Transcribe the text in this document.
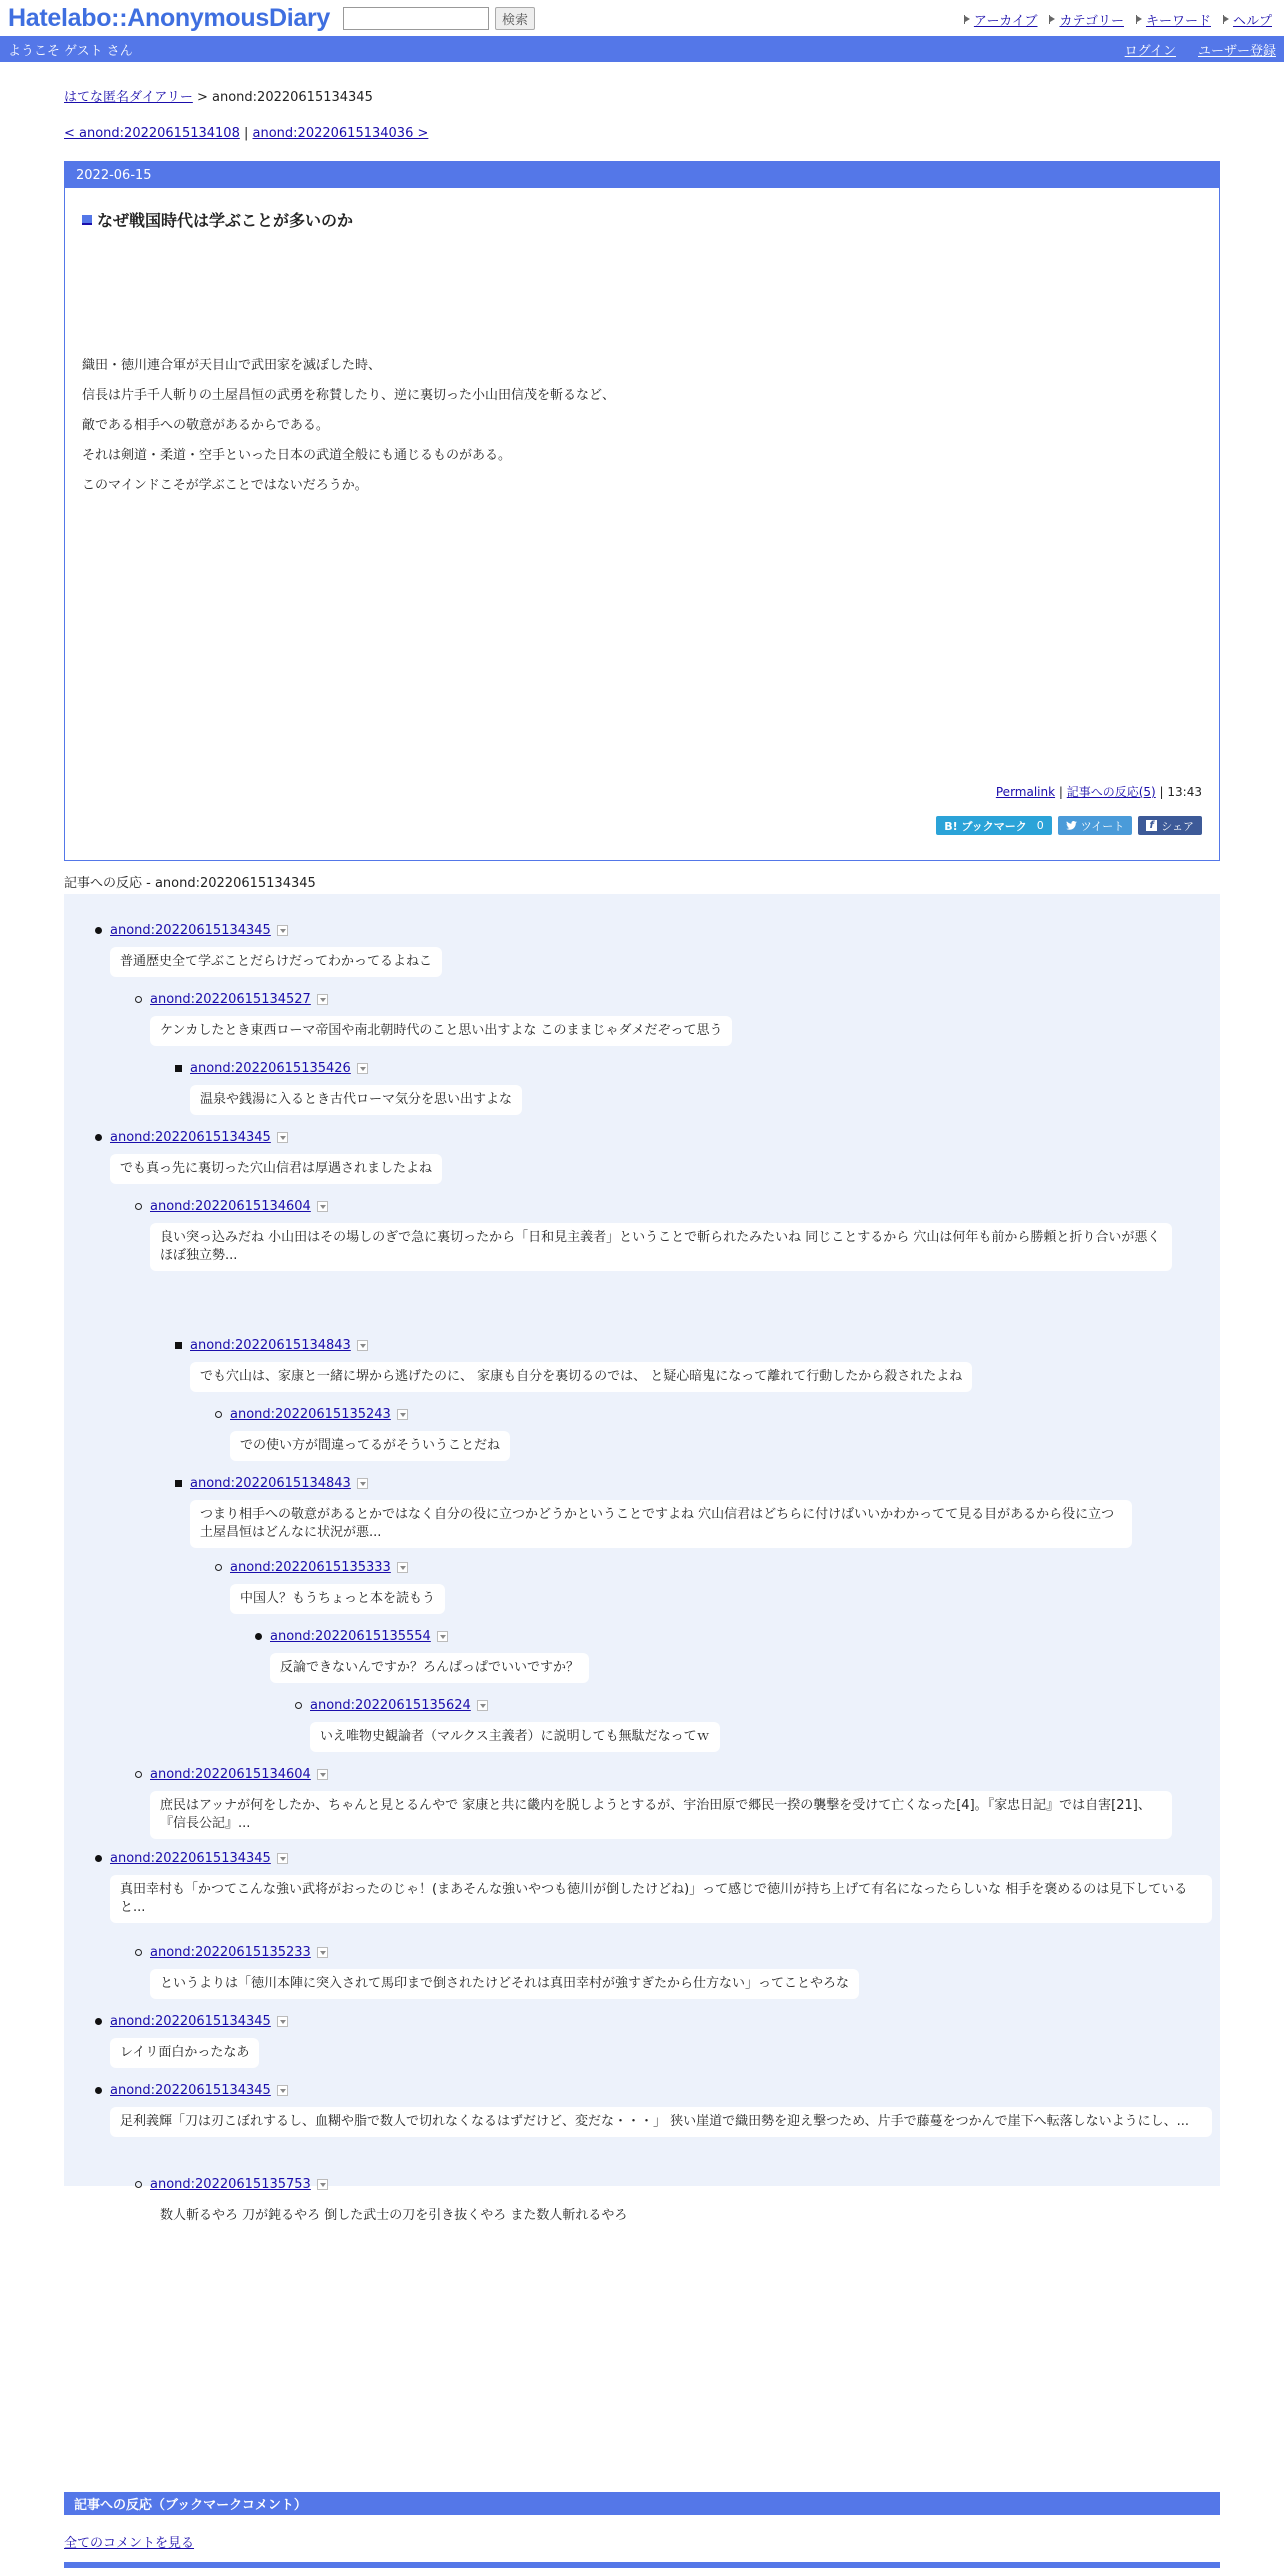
Hatelabo::AnonymousDiary	検索	アーカイブ カテゴリー キーワード ヘルプ
ようこそ ゲスト さん	ログイン ユーザー登録
はてな匿名ダイアリー > anond:20220615134345
< anond:20220615134108 | anond:20220615134036 >
2022-06-15
なぜ戦国時代は学ぶことが多いのか
織田・徳川連合軍が天目山で武田家を滅ぼした時、
信長は片手千人斬りの土屋昌恒の武勇を称賛したり、逆に裏切った小山田信茂を斬るなど、
敵である相手への敬意があるからである。
それは剣道・柔道・空手といった日本の武道全般にも通じるものがある。
このマインドこそが学ぶことではないだろうか。
Permalink | 記事への反応(5) | 13:43
B! ブックマーク 0	ツイート	f シェア
記事への反応 - anond:20220615134345
anond:20220615134345
普通歴史全て学ぶことだらけだってわかってるよねこ
anond:20220615134527
ケンカしたとき東西ローマ帝国や南北朝時代のこと思い出すよな このままじゃダメだぞって思う
anond:20220615135426
温泉や銭湯に入るとき古代ローマ気分を思い出すよな
anond:20220615134345
でも真っ先に裏切った穴山信君は厚遇されましたよね
anond:20220615134604
良い突っ込みだね 小山田はその場しのぎで急に裏切ったから「日和見主義者」ということで斬られたみたいね 同じことするから 穴山は何年も前から勝頼と折り合いが悪くほぼ独立勢...
anond:20220615134843
でも穴山は、家康と一緒に堺から逃げたのに、 家康も自分を裏切るのでは、 と疑心暗鬼になって離れて行動したから殺されたよね
anond:20220615135243
での使い方が間違ってるがそういうことだね
anond:20220615134843
つまり相手への敬意があるとかではなく自分の役に立つかどうかということですよね 穴山信君はどちらに付けばいいかわかってて見る目があるから役に立つ 土屋昌恒はどんなに状況が悪...
anond:20220615135333
中国人？もうちょっと本を読もう
anond:20220615135554
反論できないんですか？ろんぱっぱでいいですか？
anond:20220615135624
いえ唯物史観論者（マルクス主義者）に説明しても無駄だなってｗ
anond:20220615134604
庶民はアッナが何をしたか、ちゃんと見とるんやで 家康と共に畿内を脱しようとするが、宇治田原で郷民一揆の襲撃を受けて亡くなった[4]。『家忠日記』では自害[21]、『信長公記』...
anond:20220615134345
真田幸村も「かつてこんな強い武将がおったのじゃ！(まあそんな強いやつも徳川が倒したけどね)」って感じで徳川が持ち上げて有名になったらしいな 相手を褒めるのは見下していると...
anond:20220615135233
というよりは「徳川本陣に突入されて馬印まで倒されたけどそれは真田幸村が強すぎたから仕方ない」ってことやろな
anond:20220615134345
レイリ面白かったなあ
anond:20220615134345
足利義輝「刀は刃こぼれするし、血糊や脂で数人で切れなくなるはずだけど、変だな・・・」 狭い崖道で織田勢を迎え撃つため、片手で藤蔓をつかんで崖下へ転落しないようにし、...
anond:20220615135753
数人斬るやろ 刀が鈍るやろ 倒した武士の刀を引き抜くやろ また数人斬れるやろ
記事への反応（ブックマークコメント）
全てのコメントを見る
